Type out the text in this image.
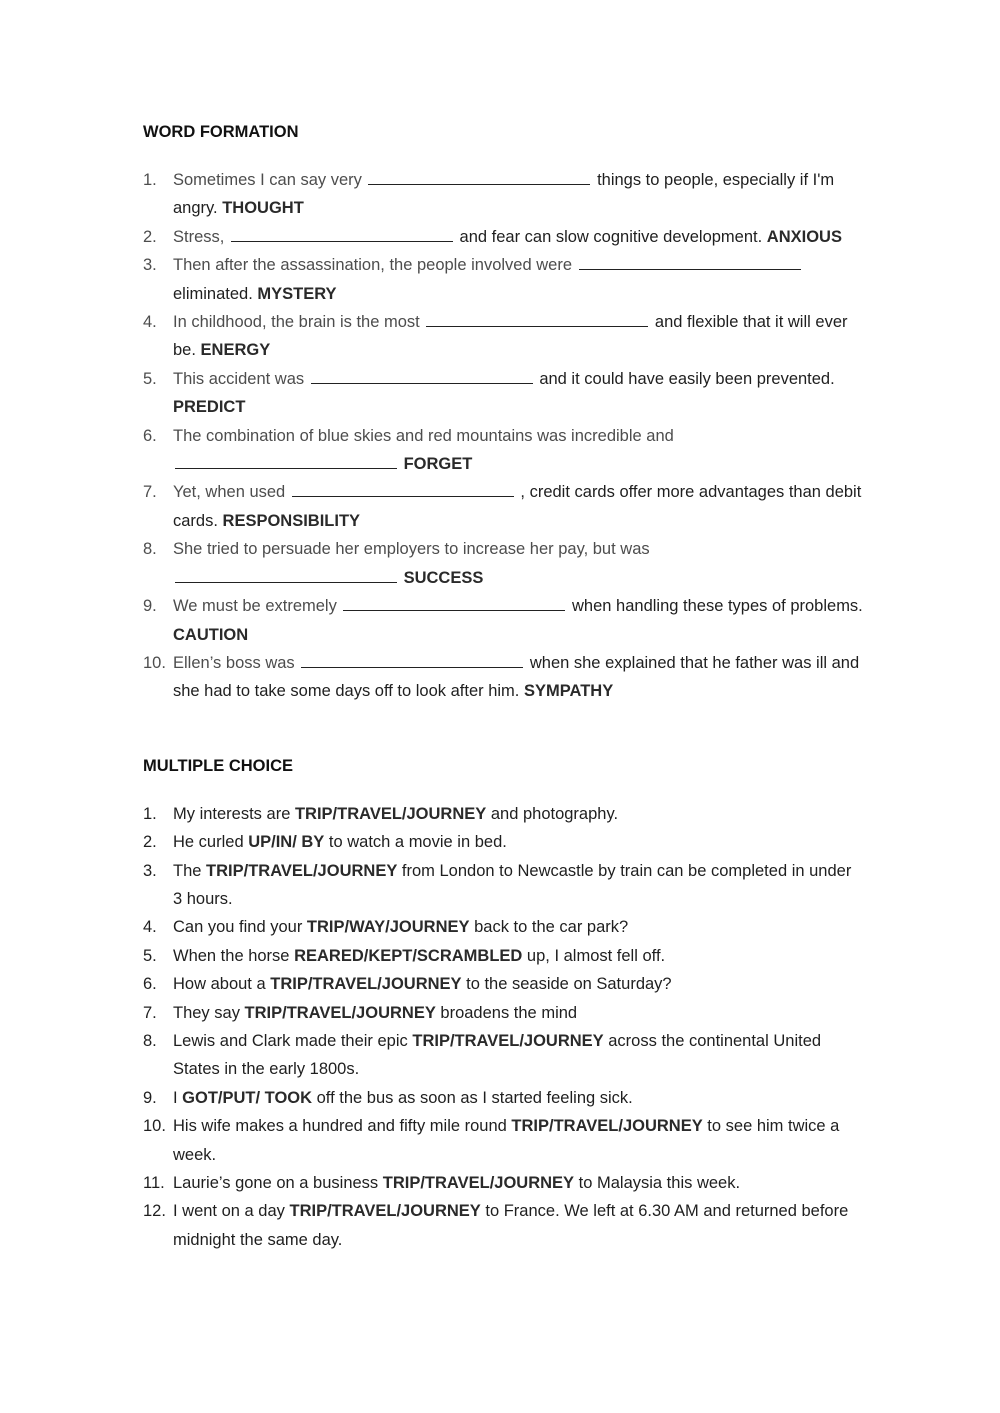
WORD FORMATION
1. Sometimes I can say very	things to people, especially if I'm angry. THOUGHT
2. Stress,	and fear can slow cognitive development. ANXIOUS
3. Then after the assassination, the people involved were  eliminated. MYSTERY
4. In childhood, the brain is the most	and flexible that it will ever be. ENERGY
5. This accident was	and it could have easily been prevented. PREDICT
6. The combination of blue skies and red mountains was incredible and  FORGET
7. Yet, when used	, credit cards offer more advantages than debit cards. RESPONSIBILITY
8. She tried to persuade her employers to increase her pay, but was  SUCCESS
9. We must be extremely	when handling these types of problems. CAUTION
10. Ellen’s boss was	when she explained that he father was ill and she had to take some days off to look after him. SYMPATHY
MULTIPLE CHOICE
1. My interests are TRIP/TRAVEL/JOURNEY and photography.
2. He curled UP/IN/ BY to watch a movie in bed.
3. The TRIP/TRAVEL/JOURNEY from London to Newcastle by train can be completed in under 3 hours.
4. Can you find your TRIP/WAY/JOURNEY back to the car park?
5. When the horse REARED/KEPT/SCRAMBLED up, I almost fell off.
6. How about a TRIP/TRAVEL/JOURNEY to the seaside on Saturday?
7. They say TRIP/TRAVEL/JOURNEY broadens the mind
8. Lewis and Clark made their epic TRIP/TRAVEL/JOURNEY across the continental United States in the early 1800s.
9. I GOT/PUT/ TOOK off the bus as soon as I started feeling sick.
10. His wife makes a hundred and fifty mile round TRIP/TRAVEL/JOURNEY to see him twice a week.
11. Laurie’s gone on a business TRIP/TRAVEL/JOURNEY to Malaysia this week.
12. I went on a day TRIP/TRAVEL/JOURNEY to France. We left at 6.30 AM and returned before midnight the same day.
